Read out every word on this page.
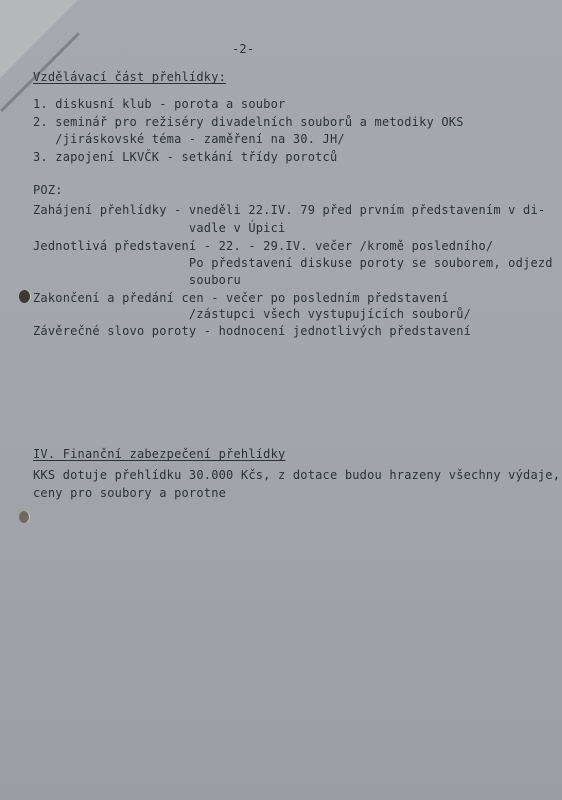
-2-
Vzdělávací část přehlídky:
1. diskusní klub - porota a soubor
2. seminář pro režiséry divadelních souborů a metodiky OKS
/jiráskovské téma - zaměření na 30. JH/
3. zapojení LKVČK - setkání třídy porotců
POZ:
Zahájení přehlídky - vneděli 22.IV. 79 před prvním představením v di-
vadle v Úpici
Jednotlivá představení - 22. - 29.IV. večer /kromě posledního/
Po představení diskuse poroty se souborem, odjezd
souboru
Zakončení a předání cen - večer po posledním představení
/zástupci všech vystupujících souborů/
Závěrečné slovo poroty - hodnocení jednotlivých představení
IV. Finanční zabezpečení přehlídky
KKS dotuje přehlídku 30.000 Kčs, z dotace budou hrazeny všechny výdaje,
ceny pro soubory a porotne
